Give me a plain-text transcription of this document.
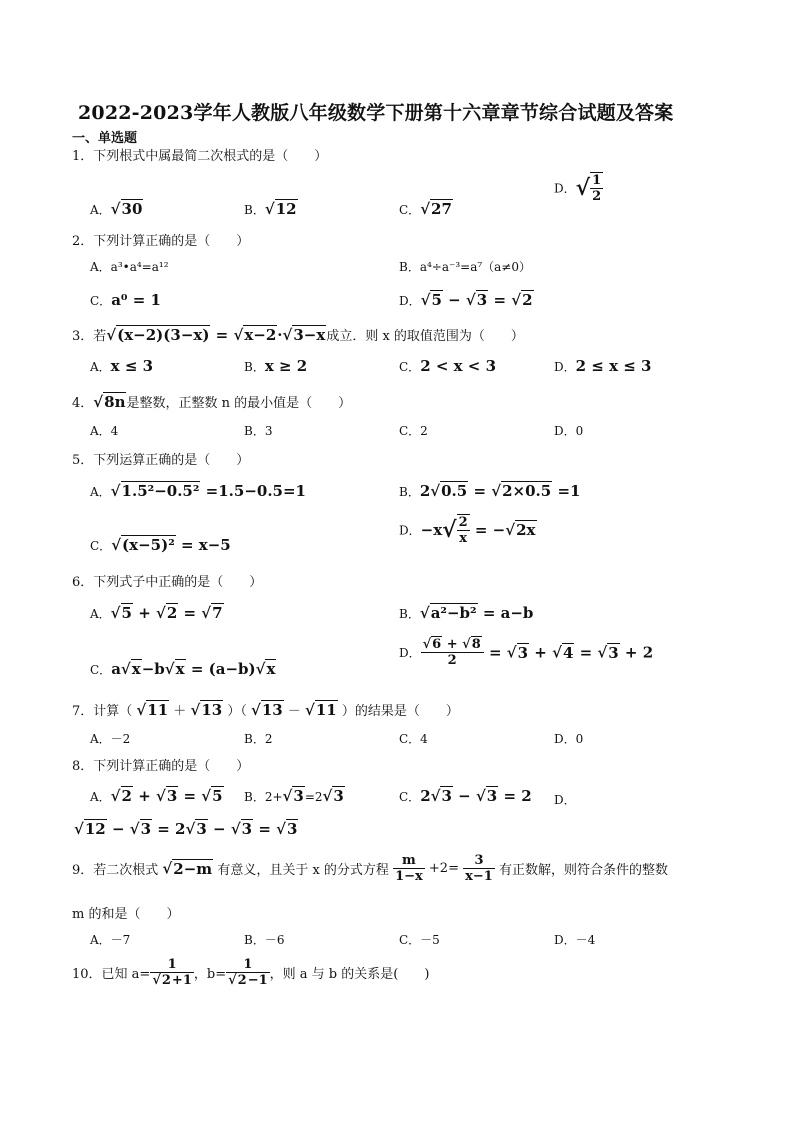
2022-2023学年人教版八年级数学下册第十六章章节综合试题及答案
一、单选题
1．下列根式中属最简二次根式的是（　　）
A．√30	B．√12	C．√27
D．√ $\frac{1}{2}$
2．下列计算正确的是（　　）
A．a³•a⁴=a¹²	B．a⁴÷a⁻³=a⁷（a≠0）
C．a⁰ = 1	D．√5 − √3 = √2
3．若√(x−2)(3−x) = √x−2·√3−x成立．则 x 的取值范围为（　　）
A．x ≤ 3	B．x ≥ 2	C．2 < x < 3	D．2 ≤ x ≤ 3
4．√8n是整数，正整数 n 的最小值是（　　）
A．4	B．3	C．2	D．0
5．下列运算正确的是（　　）
A．√1.5²−0.5² =1.5−0.5=1	B．2√0.5 = √2×0.5 =1
C．√(x−5)² = x−5
D．$-x√ \frac{2}{x} = -√2x$
6．下列式子中正确的是（　　）
A．√5 + √2 = √7	B．√a²−b² = a−b
C．a√x−b√x = (a−b)√x
D． $\frac{√6 + √8}{2} = √3 + √4 = √3 + 2$
7．计算（ √11 ＋ √13 ）（ √13 － √11 ）的结果是（　　）
A．－2	B．2	C．4	D．0
8．下列计算正确的是（　　）
A．√2 + √3 = √5 B．2+√3=2√3	C．2√3 − √3 = 2 D．
√12 − √3 = 2√3 − √3 = √3
9．若二次根式 √2−m 有意义，且关于 x 的分式方程 $\frac{m}{1-x} +2= \frac{3}{x-1}$ 有正数解，则符合条件的整数
m 的和是（　　）
A．－7	B．－6	C．－5	D．－4
10．已知 $a= \frac{1}{√2+1}$ ，$b= \frac{1}{√2-1}$ ，则 a 与 b 的关系是(　　)
